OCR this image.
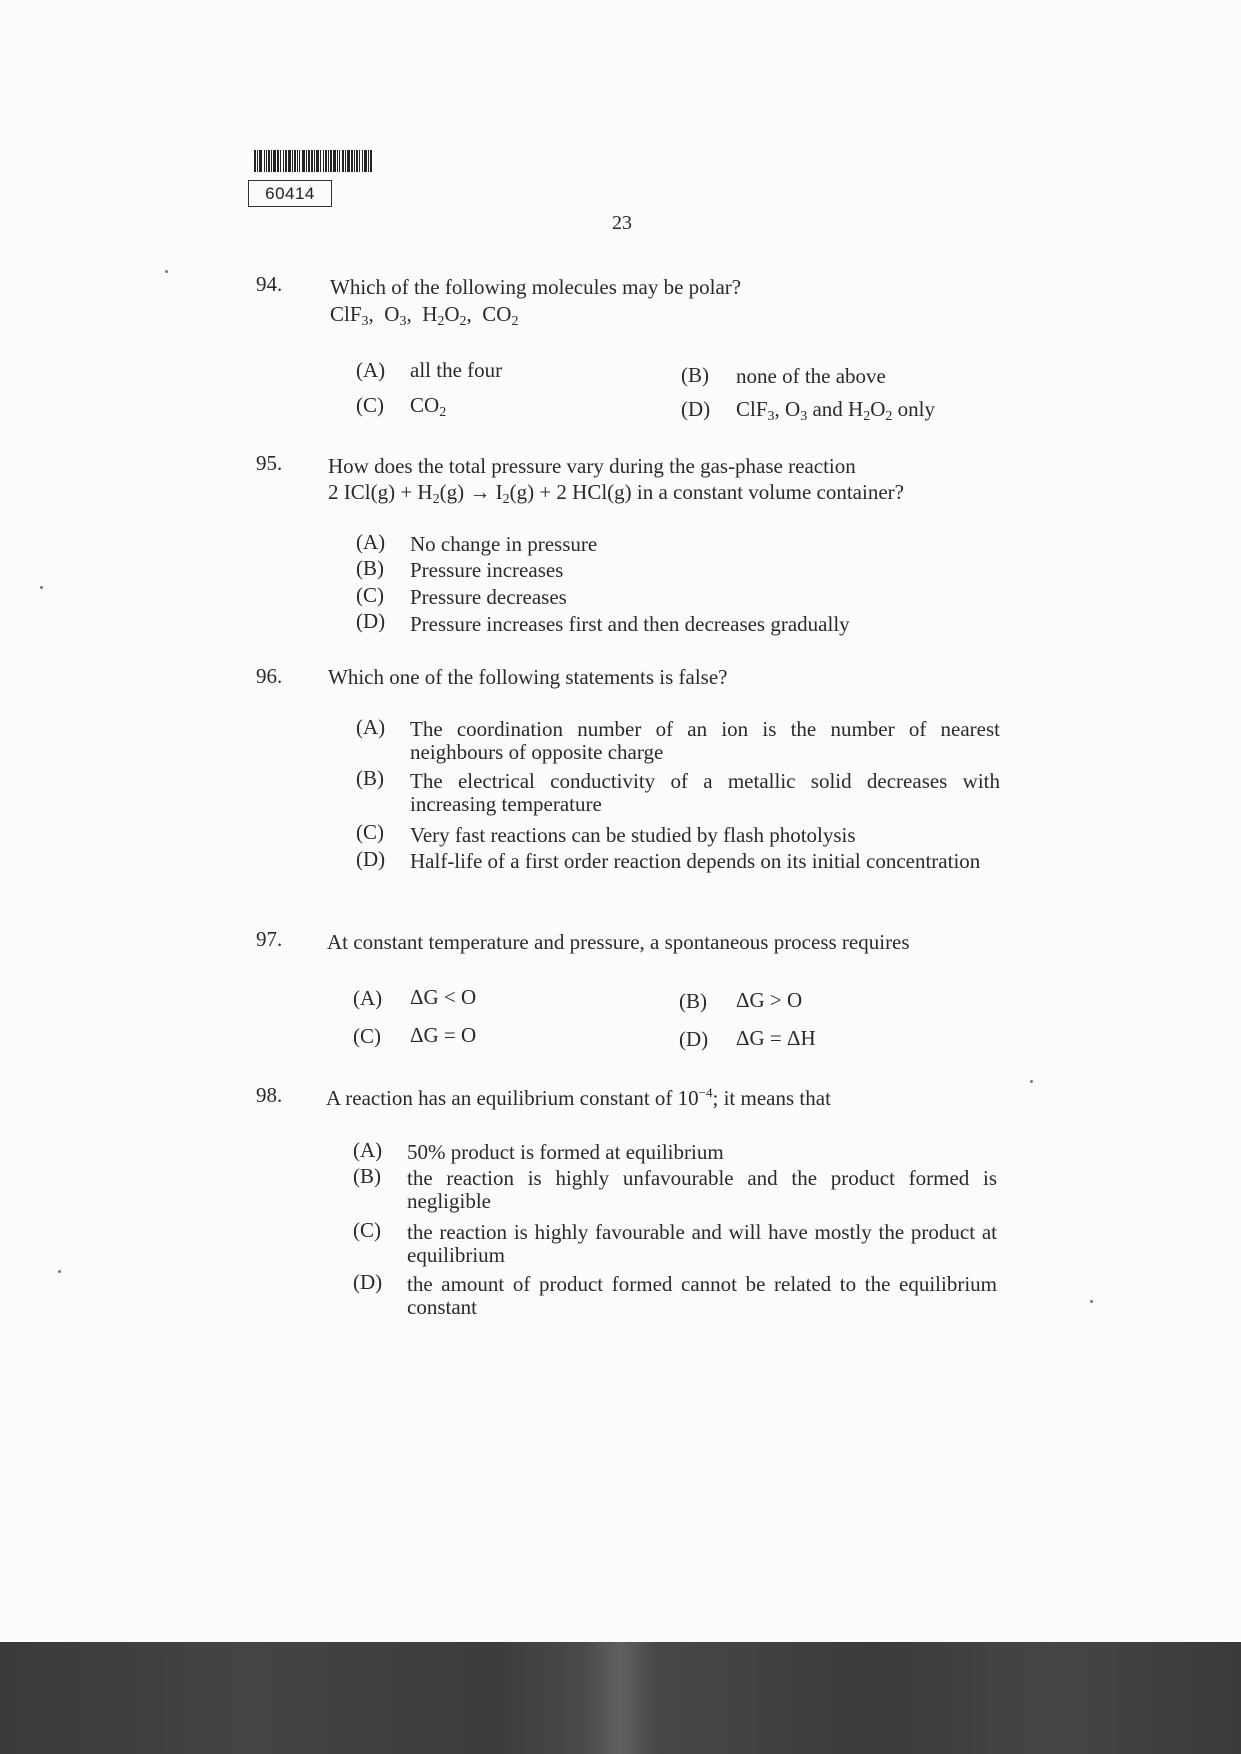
60414
23
94. Which of the following molecules may be polar?
ClF$_3$,  $O_3$,  $H_2O_2$,  $CO_2$
(A) all the four	(B) none of the above
(C) $CO_2$	(D) ClF$_3$, $O_3$ and $H_2O_2$ only
95. How does the total pressure vary during the gas-phase reaction
2 $ICl(g) + H_2(g) \to I_2(g) + 2$ HCl(g) in a constant volume container?
(A) No change in pressure
(B) Pressure increases
(C) Pressure decreases
(D) Pressure increases first and then decreases gradually
96. Which one of the following statements is false?
(A) The coordination number of an ion is the number of nearest neighbours of opposite charge
(B) The electrical conductivity of a metallic solid decreases with increasing temperature
(C) Very fast reactions can be studied by flash photolysis
(D) Half-life of a first order reaction depends on its initial concentration
97. At constant temperature and pressure, a spontaneous process requires
(A) ΔG < O	(B) ΔG > O
(C) ΔG = O	(D) ΔG = ΔH
98. A reaction has an equilibrium constant of $10^{-4}$; it means that
(A) 50% product is formed at equilibrium
(B) the reaction is highly unfavourable and the product formed is negligible
(C) the reaction is highly favourable and will have mostly the product at equilibrium
(D) the amount of product formed cannot be related to the equilibrium constant
